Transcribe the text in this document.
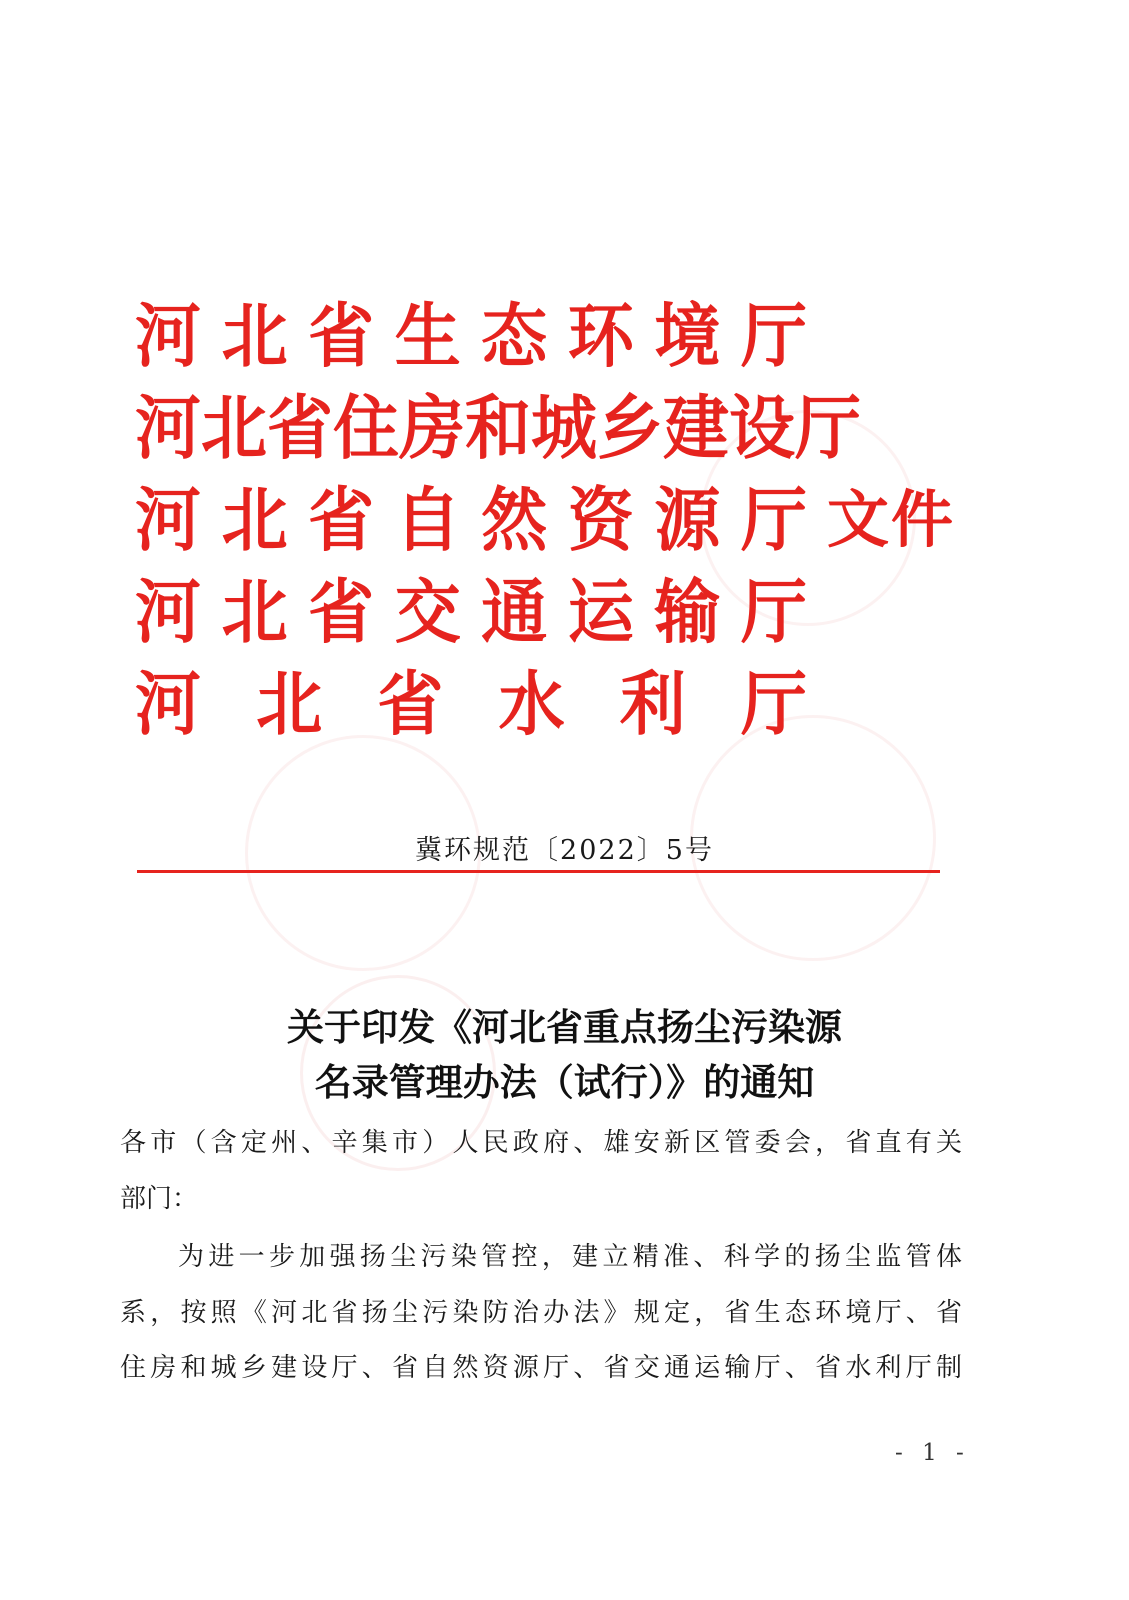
河 北 省 生 态 环 境 厅
河 北 省 住 房 和 城 乡 建 设 厅
河 北 省 自 然 资 源 厅 文件
河 北 省 交 通 运 输 厅
河 北 省 水 利 厅
冀环规范〔2022〕5号
关于印发《河北省重点扬尘污染源
名录管理办法（试行）》的通知
各市（含定州、辛集市）人民政府、雄安新区管委会，省直有关
部门：
为进一步加强扬尘污染管控，建立精准、科学的扬尘监管体
系，按照《河北省扬尘污染防治办法》规定，省生态环境厅、省
住房和城乡建设厅、省自然资源厅、省交通运输厅、省水利厅制
- 1 -
